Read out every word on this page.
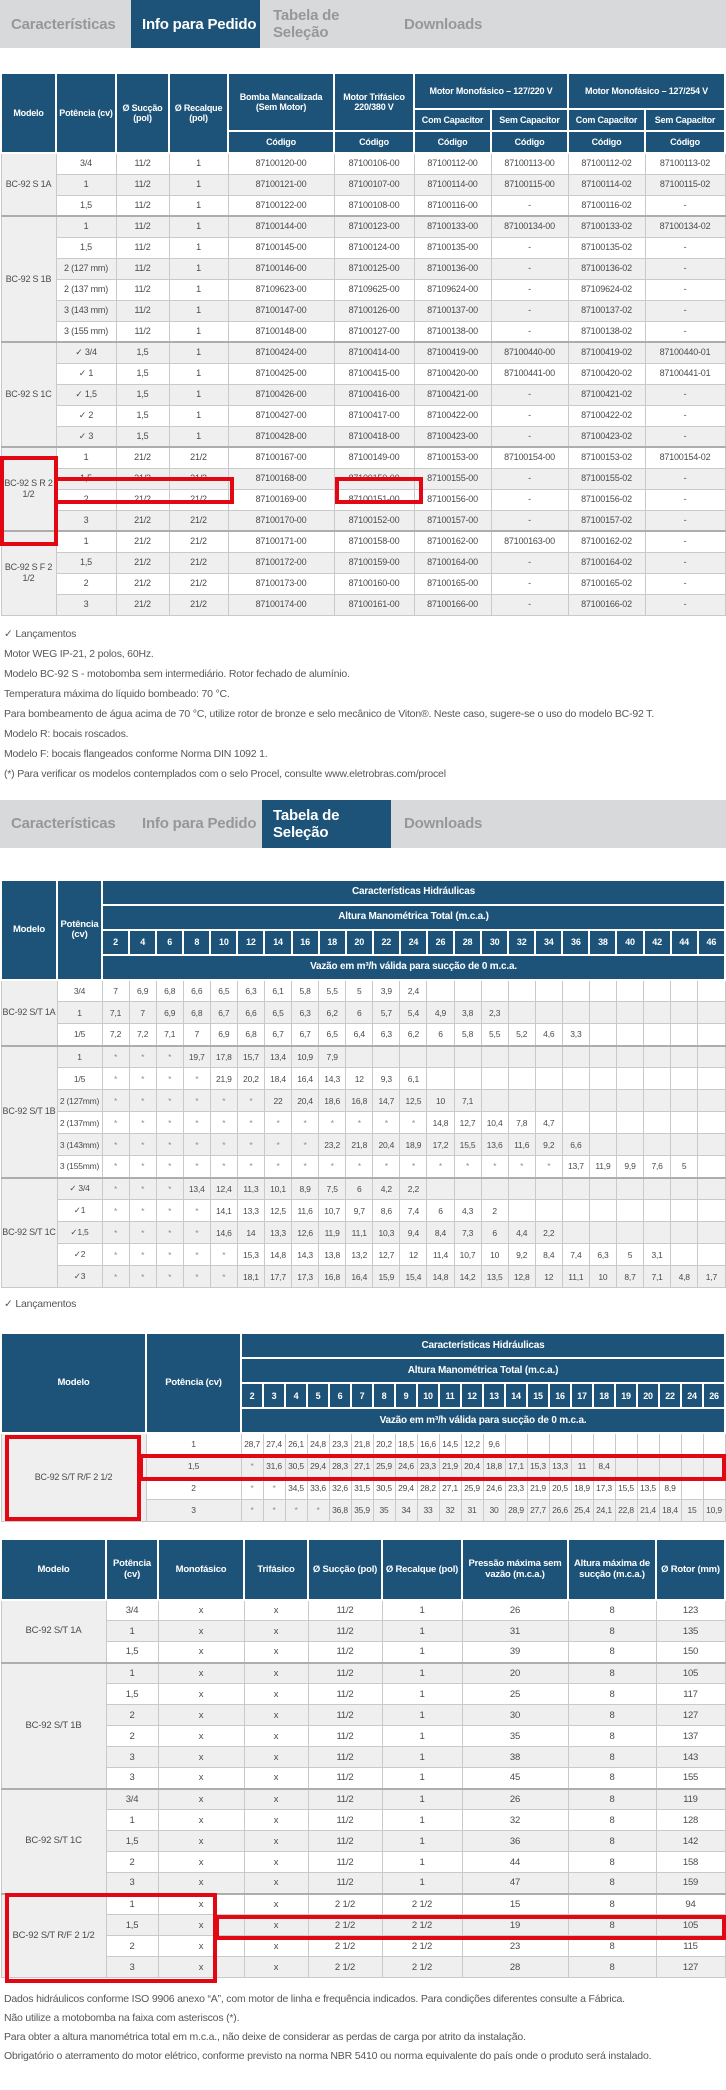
Características	Info para Pedido	Tabela de Seleção	Downloads
Modelo	Potência (cv)	Ø Sucção (pol)	Ø Recalque (pol)	Bomba Mancalizada (Sem Motor)	Motor Trifásico 220/380 V	Motor Monofásico – 127/220 V		Motor Monofásico – 127/254 V	
						Com Capacitor	Sem Capacitor	Com Capacitor	Sem Capacitor
				Código	Código	Código	Código	Código	Código
BC-92 S 1A	3/4	11/2	1	87100120-00	87100106-00	87100112-00	87100113-00	87100112-02	87100113-02
	1	11/2	1	87100121-00	87100107-00	87100114-00	87100115-00	87100114-02	87100115-02
	1,5	11/2	1	87100122-00	87100108-00	87100116-00	-	87100116-02	-
BC-92 S 1B	1	11/2	1	87100144-00	87100123-00	87100133-00	87100134-00	87100133-02	87100134-02
	1,5	11/2	1	87100145-00	87100124-00	87100135-00	-	87100135-02	-
	2 (127 mm)	11/2	1	87100146-00	87100125-00	87100136-00	-	87100136-02	-
	2 (137 mm)	11/2	1	87109623-00	87109625-00	87109624-00	-	87109624-02	-
	3 (143 mm)	11/2	1	87100147-00	87100126-00	87100137-00	-	87100137-02	-
	3 (155 mm)	11/2	1	87100148-00	87100127-00	87100138-00	-	87100138-02	-
BC-92 S 1C	✓ 3/4	1,5	1	87100424-00	87100414-00	87100419-00	87100440-00	87100419-02	87100440-01
	✓ 1	1,5	1	87100425-00	87100415-00	87100420-00	87100441-00	87100420-02	87100441-01
	✓ 1,5	1,5	1	87100426-00	87100416-00	87100421-00	-	87100421-02	-
	✓ 2	1,5	1	87100427-00	87100417-00	87100422-00	-	87100422-02	-
	✓ 3	1,5	1	87100428-00	87100418-00	87100423-00	-	87100423-02	-
BC-92 S R 2 1/2	1	21/2	21/2	87100167-00	87100149-00	87100153-00	87100154-00	87100153-02	87100154-02
	1,5	21/2	21/2	87100168-00	87100150-00	87100155-00	-	87100155-02	-
	2	21/2	21/2	87100169-00	87100151-00	87100156-00	-	87100156-02	-
	3	21/2	21/2	87100170-00	87100152-00	87100157-00	-	87100157-02	-
BC-92 S F 2 1/2	1	21/2	21/2	87100171-00	87100158-00	87100162-00	87100163-00	87100162-02	-
	1,5	21/2	21/2	87100172-00	87100159-00	87100164-00	-	87100164-02	-
	2	21/2	21/2	87100173-00	87100160-00	87100165-00	-	87100165-02	-
	3	21/2	21/2	87100174-00	87100161-00	87100166-00	-	87100166-02	-
✓ Lançamentos
Motor WEG IP-21, 2 polos, 60Hz.
Modelo BC-92 S - motobomba sem intermediário. Rotor fechado de alumínio.
Temperatura máxima do líquido bombeado: 70 °C.
Para bombeamento de água acima de 70 °C, utilize rotor de bronze e selo mecânico de Viton®. Neste caso, sugere-se o uso do modelo BC-92 T.
Modelo R: bocais roscados.
Modelo F: bocais flangeados conforme Norma DIN 1092 1.
(*) Para verificar os modelos contemplados com o selo Procel, consulte www.eletrobras.com/procel
Características	Info para Pedido	Tabela de Seleção	Downloads
Modelo	Potência (cv)	Características Hidráulicas																						
		Altura Manométrica Total (m.c.a.)																						
		2	4	6	8	10	12	14	16	18	20	22	24	26	28	30	32	34	36	38	40	42	44	46
		Vazão em m³/h válida para sucção de 0 m.c.a.																						
BC-92 S/T 1A	3/4	7	6,9	6,8	6,6	6,5	6,3	6,1	5,8	5,5	5	3,9	2,4											
	1	7,1	7	6,9	6,8	6,7	6,6	6,5	6,3	6,2	6	5,7	5,4	4,9	3,8	2,3								
	1/5	7,2	7,2	7,1	7	6,9	6,8	6,7	6,7	6,5	6,4	6,3	6,2	6	5,8	5,5	5,2	4,6	3,3					
BC-92 S/T 1B	1	*	*	*	19,7	17,8	15,7	13,4	10,9	7,9														
	1/5	*	*	*	*	21,9	20,2	18,4	16,4	14,3	12	9,3	6,1											
	2 (127mm)	*	*	*	*	*	*	22	20,4	18,6	16,8	14,7	12,5	10	7,1									
	2 (137mm)	*	*	*	*	*	*	*	*	*	*	*	*	14,8	12,7	10,4	7,8	4,7						
	3 (143mm)	*	*	*	*	*	*	*	*	23,2	21,8	20,4	18,9	17,2	15,5	13,6	11,6	9,2	6,6					
	3 (155mm)	*	*	*	*	*	*	*	*	*	*	*	*	*	*	*	*	*	13,7	11,9	9,9	7,6	5	
BC-92 S/T 1C	✓ 3/4	*	*	*	13,4	12,4	11,3	10,1	8,9	7,5	6	4,2	2,2											
	✓1	*	*	*	*	14,1	13,3	12,5	11,6	10,7	9,7	8,6	7,4	6	4,3	2								
	✓1,5	*	*	*	*	14,6	14	13,3	12,6	11,9	11,1	10,3	9,4	8,4	7,3	6	4,4	2,2						
	✓2	*	*	*	*	*	15,3	14,8	14,3	13,8	13,2	12,7	12	11,4	10,7	10	9,2	8,4	7,4	6,3	5	3,1		
	✓3	*	*	*	*	*	18,1	17,7	17,3	16,8	16,4	15,9	15,4	14,8	14,2	13,5	12,8	12	11,1	10	8,7	7,1	4,8	1,7
✓ Lançamentos
Modelo	Potência (cv)	Características Hidráulicas																					
		Altura Manométrica Total (m.c.a.)																					
		2	3	4	5	6	7	8	9	10	11	12	13	14	15	16	17	18	19	20	22	24	26
		Vazão em m³/h válida para sucção de 0 m.c.a.																					
BC-92 S/T R/F 2 1/2	1	28,7	27,4	26,1	24,8	23,3	21,8	20,2	18,5	16,6	14,5	12,2	9,6										
	1,5	*	31,6	30,5	29,4	28,3	27,1	25,9	24,6	23,3	21,9	20,4	18,8	17,1	15,3	13,3	11	8,4					
	2	*	*	34,5	33,6	32,6	31,5	30,5	29,4	28,2	27,1	25,9	24,6	23,3	21,9	20,5	18,9	17,3	15,5	13,5	8,9		
	3	*	*	*	*	36,8	35,9	35	34	33	32	31	30	28,9	27,7	26,6	25,4	24,1	22,8	21,4	18,4	15	10,9
Modelo	Potência (cv)	Monofásico	Trifásico	Ø Sucção (pol)	Ø Recalque (pol)	Pressão máxima sem vazão (m.c.a.)	Altura máxima de sucção (m.c.a.)	Ø Rotor (mm)
BC-92 S/T 1A	3/4	x	x	11/2	1	26	8	123
	1	x	x	11/2	1	31	8	135
	1,5	x	x	11/2	1	39	8	150
BC-92 S/T 1B	1	x	x	11/2	1	20	8	105
	1,5	x	x	11/2	1	25	8	117
	2	x	x	11/2	1	30	8	127
	2	x	x	11/2	1	35	8	137
	3	x	x	11/2	1	38	8	143
	3	x	x	11/2	1	45	8	155
BC-92 S/T 1C	3/4	x	x	11/2	1	26	8	119
	1	x	x	11/2	1	32	8	128
	1,5	x	x	11/2	1	36	8	142
	2	x	x	11/2	1	44	8	158
	3	x	x	11/2	1	47	8	159
BC-92 S/T R/F 2 1/2	1	x	x	2 1/2	2 1/2	15	8	94
	1,5	x	x	2 1/2	2 1/2	19	8	105
	2	x	x	2 1/2	2 1/2	23	8	115
	3	x	x	2 1/2	2 1/2	28	8	127
Dados hidráulicos conforme ISO 9906 anexo “A”, com motor de linha e frequência indicados. Para condições diferentes consulte a Fábrica.
Não utilize a motobomba na faixa com asteriscos (*).
Para obter a altura manométrica total em m.c.a., não deixe de considerar as perdas de carga por atrito da instalação.
Obrigatório o aterramento do motor elétrico, conforme previsto na norma NBR 5410 ou norma equivalente do país onde o produto será instalado.
